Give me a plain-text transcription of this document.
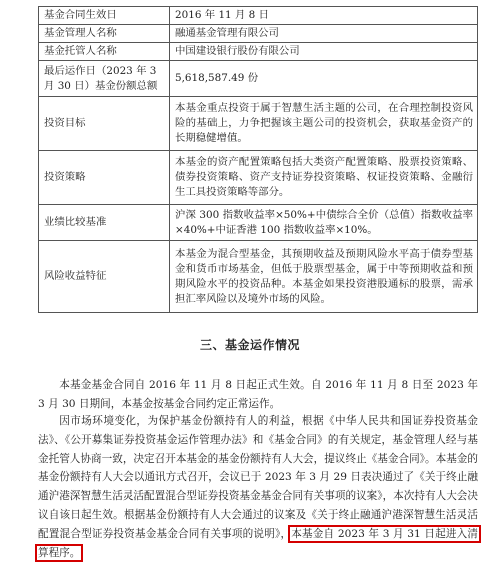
基金合同生效日	2016 年 11 月 8 日
基金管理人名称	融通基金管理有限公司
基金托管人名称	中国建设银行股份有限公司
最后运作日（2023 年 3 月 30 日）基金份额总额	5,618,587.49 份
投资目标	本基金重点投资于属于智慧生活主题的公司，在合理控制投资风险的基础上，力争把握该主题公司的投资机会，获取基金资产的长期稳健增值。
投资策略	本基金的资产配置策略包括大类资产配置策略、股票投资策略、债券投资策略、资产支持证券投资策略、权证投资策略、金融衍生工具投资策略等部分。
业绩比较基准	沪深 300 指数收益率×50%+中债综合全价（总值）指数收益率×40%+中证香港 100 指数收益率×10%。
风险收益特征	本基金为混合型基金，其预期收益及预期风险水平高于债券型基金和货币市场基金，但低于股票型基金，属于中等预期收益和预期风险水平的投资品种。本基金如果投资港股通标的股票，需承担汇率风险以及境外市场的风险。
三、基金运作情况

本基金基金合同自 2016 年 11 月 8 日起正式生效。自 2016 年 11 月 8 日至 2023 年 3 月 30 日期间，本基金按基金合同约定正常运作。

因市场环境变化，为保护基金份额持有人的利益，根据《中华人民共和国证券投资基金法》、《公开募集证券投资基金运作管理办法》和《基金合同》的有关规定，基金管理人经与基金托管人协商一致，决定召开本基金的基金份额持有人大会，提议终止《基金合同》。本基金的基金份额持有人大会以通讯方式召开，会议已于 2023 年 3 月 29 日表决通过了《关于终止融通沪港深智慧生活灵活配置混合型证券投资基金基金合同有关事项的议案》，本次持有人大会决议自该日起生效。根据基金份额持有人大会通过的议案及《关于终止融通沪港深智慧生活灵活配置混合型证券投资基金基金合同有关事项的说明》，本基金自 2023 年 3 月 31 日起进入清算程序。
